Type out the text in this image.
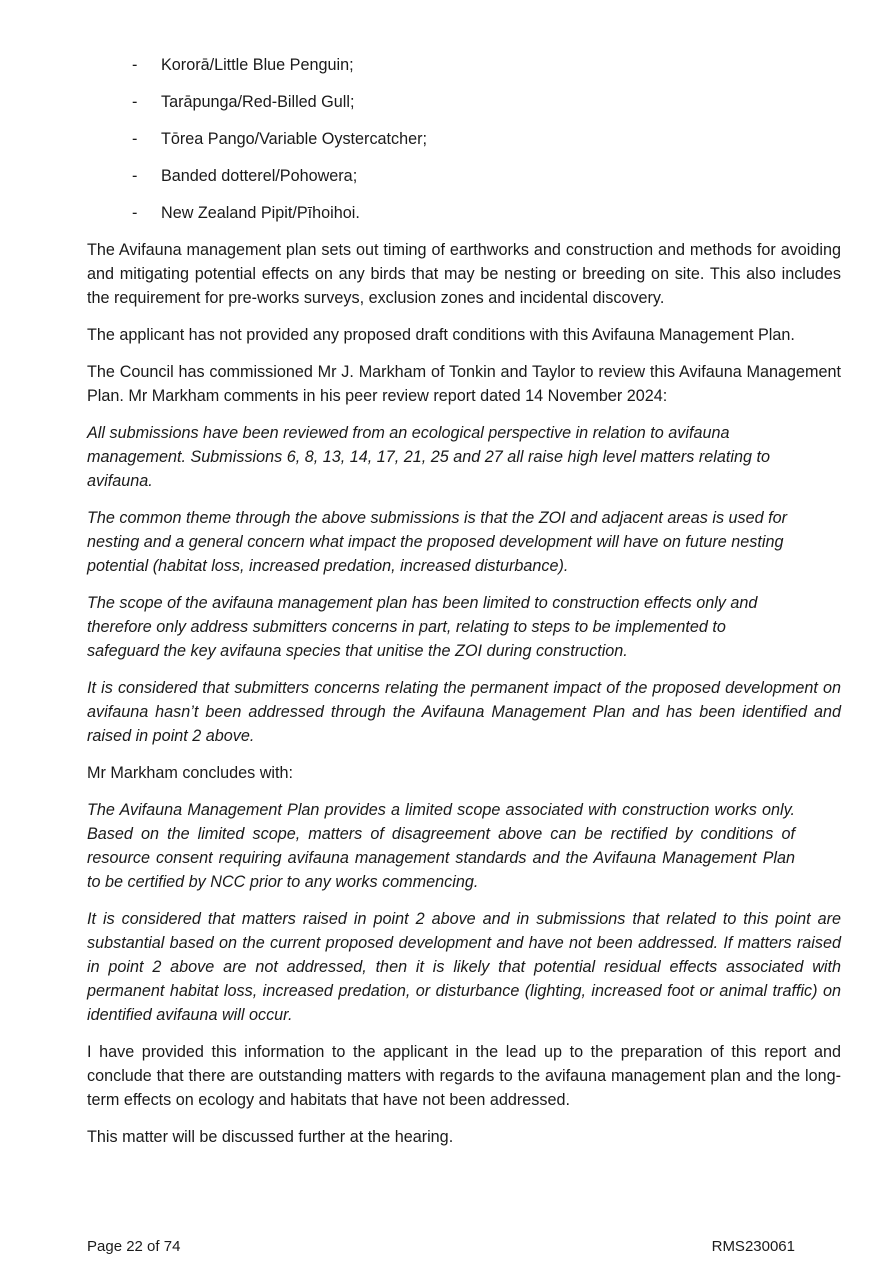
- Kororā/Little Blue Penguin;
- Tarāpunga/Red-Billed Gull;
- Tōrea Pango/Variable Oystercatcher;
- Banded dotterel/Pohowera;
- New Zealand Pipit/Pīhoihoi.

The Avifauna management plan sets out timing of earthworks and construction and methods for avoiding and mitigating potential effects on any birds that may be nesting or breeding on site. This also includes the requirement for pre-works surveys, exclusion zones and incidental discovery.

The applicant has not provided any proposed draft conditions with this Avifauna Management Plan.

The Council has commissioned Mr J. Markham of Tonkin and Taylor to review this Avifauna Management Plan. Mr Markham comments in his peer review report dated 14 November 2024:

All submissions have been reviewed from an ecological perspective in relation to avifauna management. Submissions 6, 8, 13, 14, 17, 21, 25 and 27 all raise high level matters relating to avifauna.

The common theme through the above submissions is that the ZOI and adjacent areas is used for nesting and a general concern what impact the proposed development will have on future nesting potential (habitat loss, increased predation, increased disturbance).

The scope of the avifauna management plan has been limited to construction effects only and therefore only address submitters concerns in part, relating to steps to be implemented to safeguard the key avifauna species that unitise the ZOI during construction.

It is considered that submitters concerns relating the permanent impact of the proposed development on avifauna hasn’t been addressed through the Avifauna Management Plan and has been identified and raised in point 2 above.

Mr Markham concludes with:

The Avifauna Management Plan provides a limited scope associated with construction works only. Based on the limited scope, matters of disagreement above can be rectified by conditions of resource consent requiring avifauna management standards and the Avifauna Management Plan to be certified by NCC prior to any works commencing.

It is considered that matters raised in point 2 above and in submissions that related to this point are substantial based on the current proposed development and have not been addressed. If matters raised in point 2 above are not addressed, then it is likely that potential residual effects associated with permanent habitat loss, increased predation, or disturbance (lighting, increased foot or animal traffic) on identified avifauna will occur.

I have provided this information to the applicant in the lead up to the preparation of this report and conclude that there are outstanding matters with regards to the avifauna management plan and the long-term effects on ecology and habitats that have not been addressed.

This matter will be discussed further at the hearing.

Page 22 of 74	RMS230061
